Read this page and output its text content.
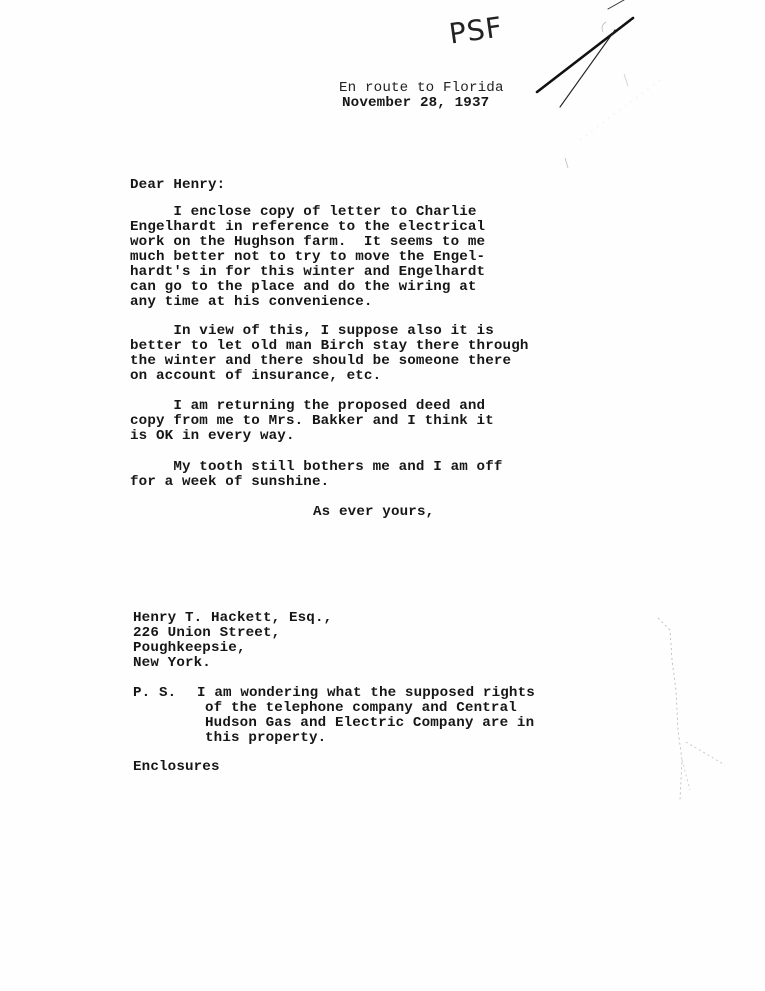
PSF
En route to Florida
November 28, 1937
Dear Henry:
I enclose copy of letter to Charlie
Engelhardt in reference to the electrical
work on the Hughson farm.  It seems to me
much better not to try to move the Engel-
hardt's in for this winter and Engelhardt
can go to the place and do the wiring at
any time at his convenience.
In view of this, I suppose also it is
better to let old man Birch stay there through
the winter and there should be someone there
on account of insurance, etc.
I am returning the proposed deed and
copy from me to Mrs. Bakker and I think it
is OK in every way.
My tooth still bothers me and I am off
for a week of sunshine.
As ever yours,
Henry T. Hackett, Esq.,
226 Union Street,
Poughkeepsie,
New York.
P. S. I am wondering what the supposed rights
of the telephone company and Central
Hudson Gas and Electric Company are in
this property.
Enclosures
